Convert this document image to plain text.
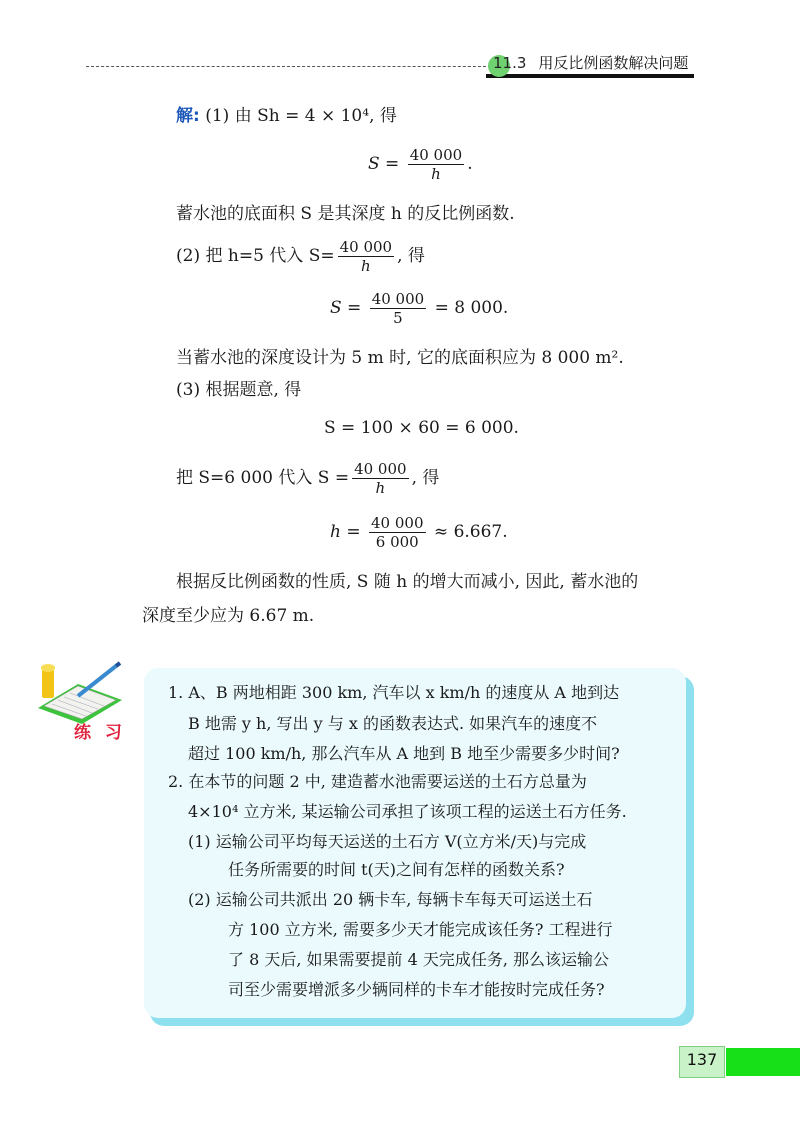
11.3 用反比例函数解决问题
解: (1) 由 Sh = 4 × 10⁴, 得
$S = \frac{40 000}{h}$ .
蓄水池的底面积 S 是其深度 h 的反比例函数.
(2) 把 h=5 代入 $S= \frac{40 000}{h}$ , 得
$S = \frac{40 000}{5} = 8$ 000.
当蓄水池的深度设计为 5 m 时, 它的底面积应为 8 000 m².
(3) 根据题意, 得
S = 100 × 60 = 6 000.
把 S=6 000 代入 $S = \frac{40 000}{h}$ , 得
$h = \frac{40 000}{6 000} \approx 6.667$.
根据反比例函数的性质, S 随 h 的增大而减小, 因此, 蓄水池的
深度至少应为 6.67 m.
练 习
1. A、B 两地相距 300 km, 汽车以 x km/h 的速度从 A 地到达
B 地需 y h, 写出 y 与 x 的函数表达式. 如果汽车的速度不
超过 100 km/h, 那么汽车从 A 地到 B 地至少需要多少时间?
2. 在本节的问题 2 中, 建造蓄水池需要运送的土石方总量为
4×10⁴ 立方米, 某运输公司承担了该项工程的运送土石方任务.
(1) 运输公司平均每天运送的土石方 V(立方米/天)与完成
任务所需要的时间 t(天)之间有怎样的函数关系?
(2) 运输公司共派出 20 辆卡车, 每辆卡车每天可运送土石
方 100 立方米, 需要多少天才能完成该任务? 工程进行
了 8 天后, 如果需要提前 4 天完成任务, 那么该运输公
司至少需要增派多少辆同样的卡车才能按时完成任务?
137
